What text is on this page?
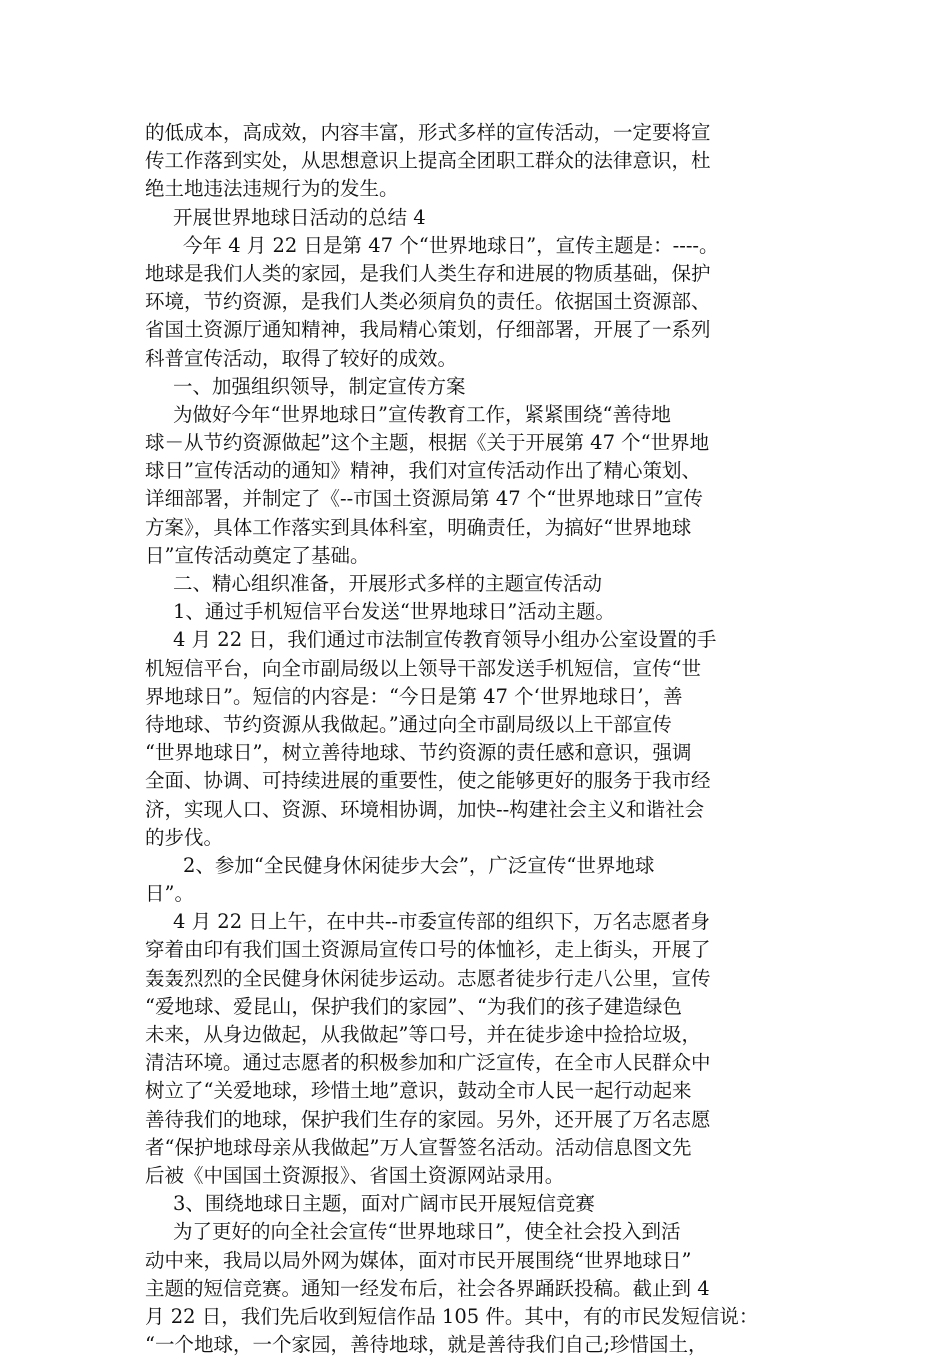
的低成本，高成效，内容丰富，形式多样的宣传活动，一定要将宣
传工作落到实处，从思想意识上提高全团职工群众的法律意识，杜
绝土地违法违规行为的发生。
开展世界地球日活动的总结 4
今年 4 月 22 日是第 47 个“世界地球日”，宣传主题是：----。
地球是我们人类的家园，是我们人类生存和进展的物质基础，保护
环境，节约资源，是我们人类必须肩负的责任。依据国土资源部、
省国土资源厅通知精神，我局精心策划，仔细部署，开展了一系列
科普宣传活动，取得了较好的成效。
一、加强组织领导，制定宣传方案
为做好今年“世界地球日”宣传教育工作，紧紧围绕“善待地
球－从节约资源做起”这个主题，根据《关于开展第 47 个“世界地
球日”宣传活动的通知》精神，我们对宣传活动作出了精心策划、
详细部署，并制定了《--市国土资源局第 47 个“世界地球日”宣传
方案》，具体工作落实到具体科室，明确责任，为搞好“世界地球
日”宣传活动奠定了基础。
二、精心组织准备，开展形式多样的主题宣传活动
1、通过手机短信平台发送“世界地球日”活动主题。
4 月 22 日，我们通过市法制宣传教育领导小组办公室设置的手
机短信平台，向全市副局级以上领导干部发送手机短信，宣传“世
界地球日”。短信的内容是：“今日是第 47 个‘世界地球日’，善
待地球、节约资源从我做起。”通过向全市副局级以上干部宣传
“世界地球日”，树立善待地球、节约资源的责任感和意识，强调
全面、协调、可持续进展的重要性，使之能够更好的服务于我市经
济，实现人口、资源、环境相协调，加快--构建社会主义和谐社会
的步伐。
2、参加“全民健身休闲徒步大会”，广泛宣传“世界地球
日”。
4 月 22 日上午，在中共--市委宣传部的组织下，万名志愿者身
穿着由印有我们国土资源局宣传口号的体恤衫，走上街头，开展了
轰轰烈烈的全民健身休闲徒步运动。志愿者徒步行走八公里，宣传
“爱地球、爱昆山，保护我们的家园”、“为我们的孩子建造绿色
未来，从身边做起，从我做起”等口号，并在徒步途中捡拾垃圾，
清洁环境。通过志愿者的积极参加和广泛宣传，在全市人民群众中
树立了“关爱地球，珍惜土地”意识，鼓动全市人民一起行动起来
善待我们的地球，保护我们生存的家园。另外，还开展了万名志愿
者“保护地球母亲从我做起”万人宣誓签名活动。活动信息图文先
后被《中国国土资源报》、省国土资源网站录用。
3、围绕地球日主题，面对广阔市民开展短信竞赛
为了更好的向全社会宣传“世界地球日”，使全社会投入到活
动中来，我局以局外网为媒体，面对市民开展围绕“世界地球日”
主题的短信竞赛。通知一经发布后，社会各界踊跃投稿。截止到 4
月 22 日，我们先后收到短信作品 105 件。其中，有的市民发短信说：
“一个地球，一个家园，善待地球，就是善待我们自己;珍惜国土，
